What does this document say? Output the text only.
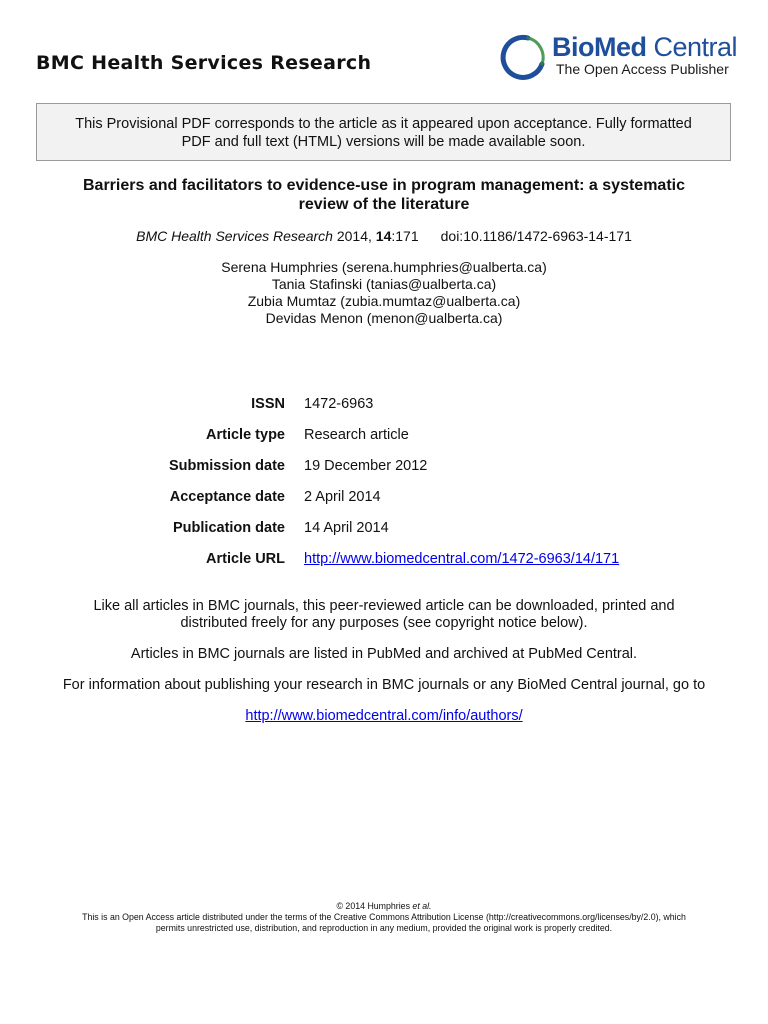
BMC Health Services Research
BioMed Central
The Open Access Publisher
This Provisional PDF corresponds to the article as it appeared upon acceptance. Fully formatted
PDF and full text (HTML) versions will be made available soon.
Barriers and facilitators to evidence-use in program management: a systematic
review of the literature
BMC Health Services Research 2014, 14:171 doi:10.1186/1472-6963-14-171
Serena Humphries (serena.humphries@ualberta.ca)
Tania Stafinski (tanias@ualberta.ca)
Zubia Mumtaz (zubia.mumtaz@ualberta.ca)
Devidas Menon (menon@ualberta.ca)
ISSN 1472-6963
Article type Research article
Submission date 19 December 2012
Acceptance date 2 April 2014
Publication date 14 April 2014
Article URL http://www.biomedcentral.com/1472-6963/14/171
Like all articles in BMC journals, this peer-reviewed article can be downloaded, printed and
distributed freely for any purposes (see copyright notice below).
Articles in BMC journals are listed in PubMed and archived at PubMed Central.
For information about publishing your research in BMC journals or any BioMed Central journal, go to
http://www.biomedcentral.com/info/authors/
© 2014 Humphries et al.
This is an Open Access article distributed under the terms of the Creative Commons Attribution License (http://creativecommons.org/licenses/by/2.0), which
permits unrestricted use, distribution, and reproduction in any medium, provided the original work is properly credited.
